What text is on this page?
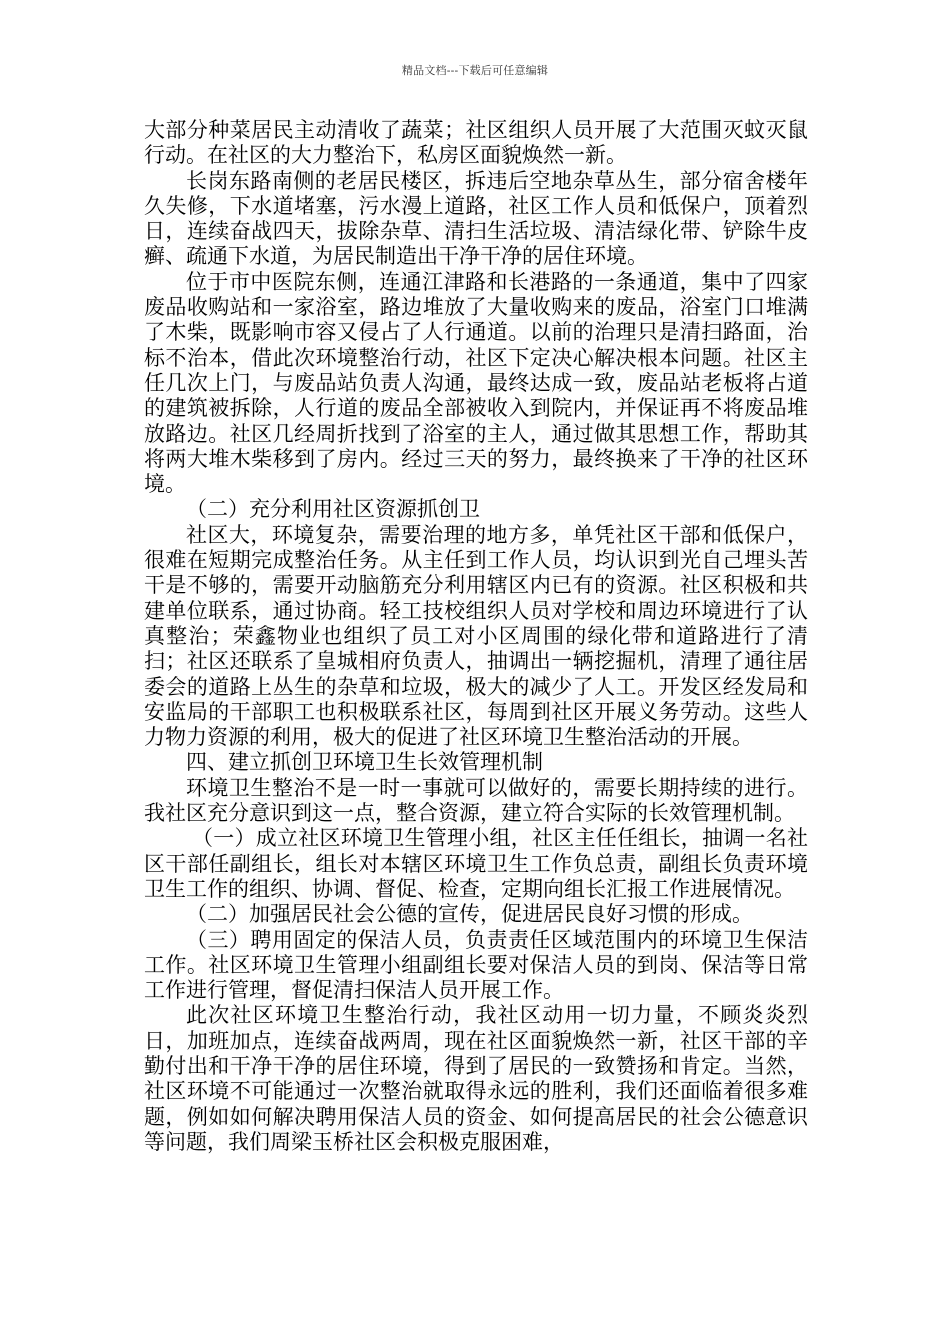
精品文档---下载后可任意编辑

大部分种菜居民主动清收了蔬菜；社区组织人员开展了大范围灭蚊灭鼠行动。在社区的大力整治下，私房区面貌焕然一新。

长岗东路南侧的老居民楼区，拆违后空地杂草丛生，部分宿舍楼年久失修，下水道堵塞，污水漫上道路，社区工作人员和低保户，顶着烈日，连续奋战四天，拔除杂草、清扫生活垃圾、清洁绿化带、铲除牛皮癣、疏通下水道，为居民制造出干净干净的居住环境。

位于市中医院东侧，连通江津路和长港路的一条通道，集中了四家废品收购站和一家浴室，路边堆放了大量收购来的废品，浴室门口堆满了木柴，既影响市容又侵占了人行通道。以前的治理只是清扫路面，治标不治本，借此次环境整治行动，社区下定决心解决根本问题。社区主任几次上门，与废品站负责人沟通，最终达成一致，废品站老板将占道的建筑被拆除，人行道的废品全部被收入到院内，并保证再不将废品堆放路边。社区几经周折找到了浴室的主人，通过做其思想工作，帮助其将两大堆木柴移到了房内。经过三天的努力，最终换来了干净的社区环境。

（二）充分利用社区资源抓创卫

社区大，环境复杂，需要治理的地方多，单凭社区干部和低保户，很难在短期完成整治任务。从主任到工作人员，均认识到光自己埋头苦干是不够的，需要开动脑筋充分利用辖区内已有的资源。社区积极和共建单位联系，通过协商。轻工技校组织人员对学校和周边环境进行了认真整治；荣鑫物业也组织了员工对小区周围的绿化带和道路进行了清扫；社区还联系了皇城相府负责人，抽调出一辆挖掘机，清理了通往居委会的道路上丛生的杂草和垃圾，极大的减少了人工。开发区经发局和安监局的干部职工也积极联系社区，每周到社区开展义务劳动。这些人力物力资源的利用，极大的促进了社区环境卫生整治活动的开展。

四、建立抓创卫环境卫生长效管理机制

环境卫生整治不是一时一事就可以做好的，需要长期持续的进行。我社区充分意识到这一点，整合资源，建立符合实际的长效管理机制。

（一）成立社区环境卫生管理小组，社区主任任组长，抽调一名社区干部任副组长，组长对本辖区环境卫生工作负总责，副组长负责环境卫生工作的组织、协调、督促、检查，定期向组长汇报工作进展情况。

（二）加强居民社会公德的宣传，促进居民良好习惯的形成。

（三）聘用固定的保洁人员，负责责任区域范围内的环境卫生保洁工作。社区环境卫生管理小组副组长要对保洁人员的到岗、保洁等日常工作进行管理，督促清扫保洁人员开展工作。

此次社区环境卫生整治行动，我社区动用一切力量，不顾炎炎烈日，加班加点，连续奋战两周，现在社区面貌焕然一新，社区干部的辛勤付出和干净干净的居住环境，得到了居民的一致赞扬和肯定。当然，社区环境不可能通过一次整治就取得永远的胜利，我们还面临着很多难题，例如如何解决聘用保洁人员的资金、如何提高居民的社会公德意识等问题，我们周梁玉桥社区会积极克服困难，
